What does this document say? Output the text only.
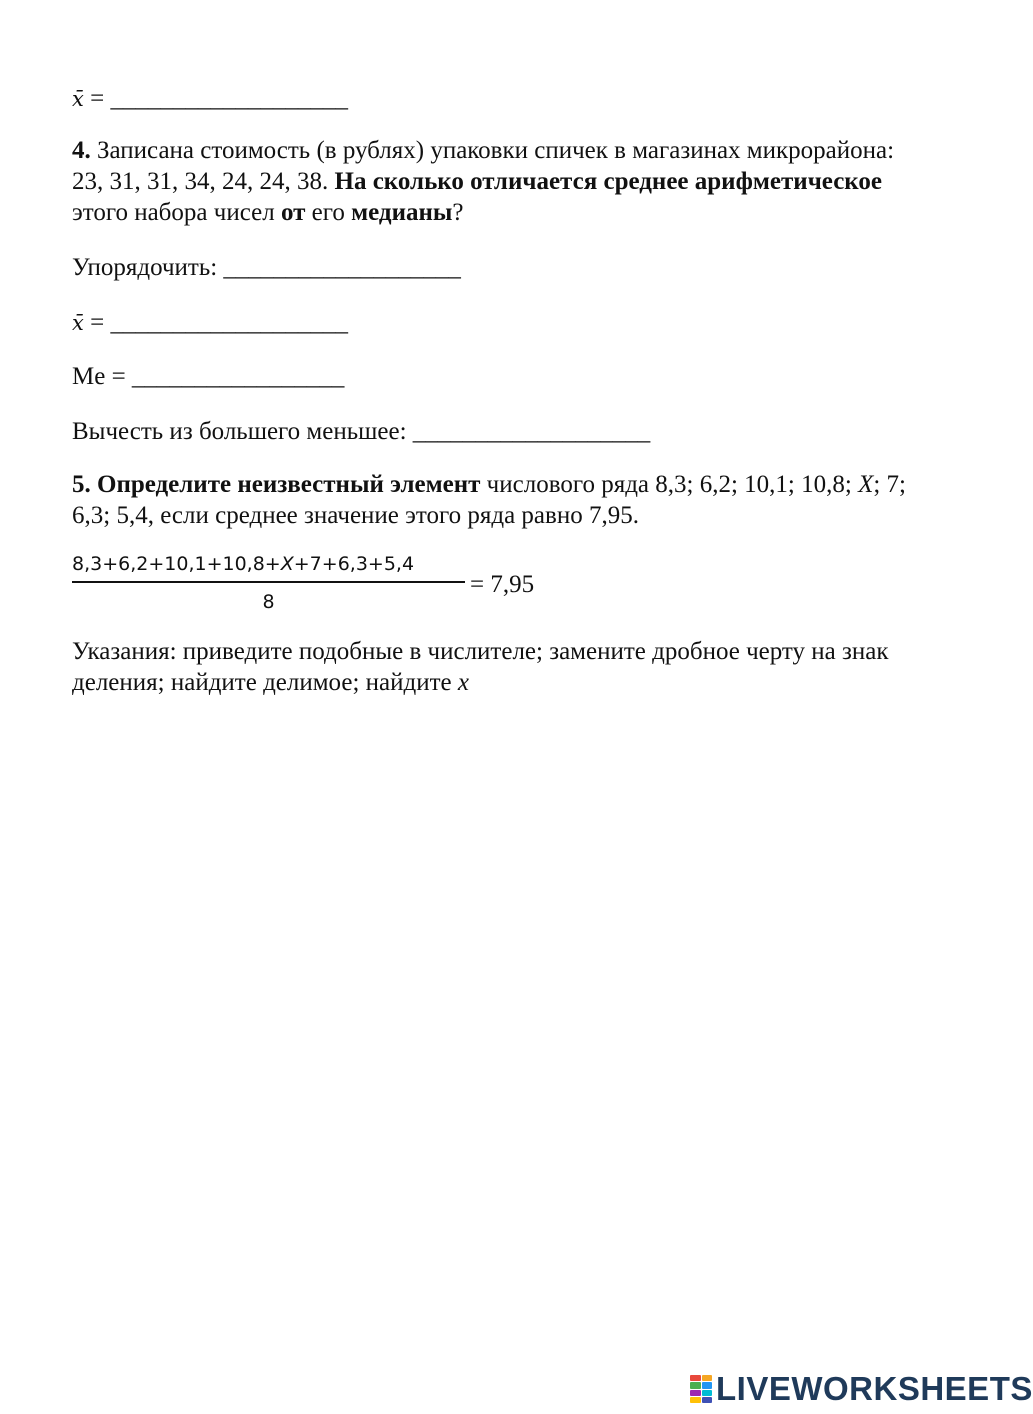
x̄ = ___________________
4. Записана стоимость (в рублях) упаковки спичек в магазинах микрорайона: 23, 31, 31, 34, 24, 24, 38. На сколько отличается среднее арифметическое этого набора чисел от его медианы?
Упорядочить: ___________________
x̄ = ___________________
Me = _________________
Вычесть из большего меньшее: ___________________
5. Определите неизвестный элемент числового ряда 8,3; 6,2; 10,1; 10,8; X; 7; 6,3; 5,4, если среднее значение этого ряда равно 7,95.
8,3+6,2+10,1+10,8+X+7+6,3+5,4
8
= 7,95
Указания: приведите подобные в числителе; замените дробное черту на знак деления; найдите делимое; найдите x
LIVEWORKSHEETS
